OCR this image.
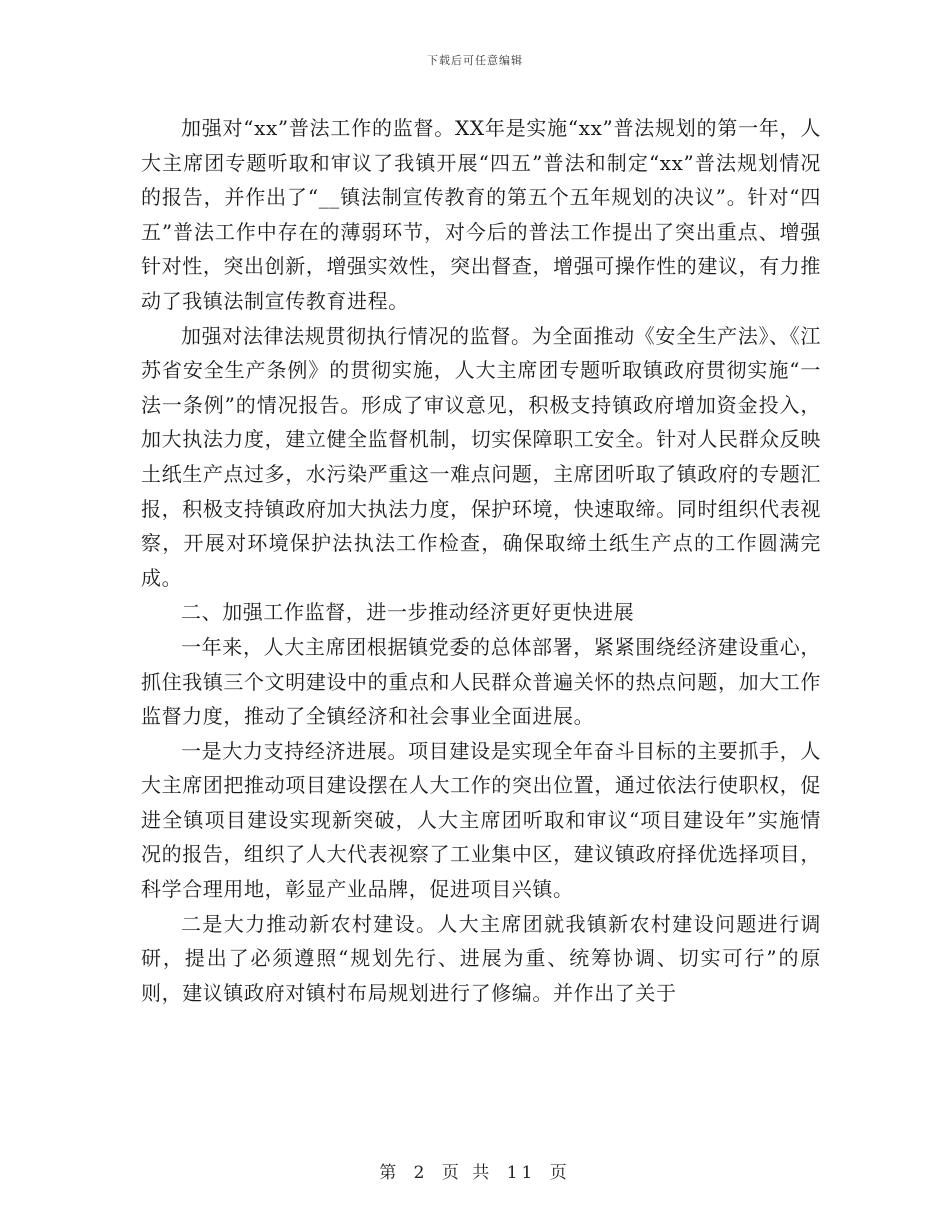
下载后可任意编辑

加强对“xx”普法工作的监督。XX年是实施“xx”普法规划的第一年，人大主席团专题听取和审议了我镇开展“四五”普法和制定“xx”普法规划情况的报告，并作出了“__镇法制宣传教育的第五个五年规划的决议”。针对“四五”普法工作中存在的薄弱环节，对今后的普法工作提出了突出重点、增强针对性，突出创新，增强实效性，突出督查，增强可操作性的建议，有力推动了我镇法制宣传教育进程。

加强对法律法规贯彻执行情况的监督。为全面推动《安全生产法》、《江苏省安全生产条例》的贯彻实施，人大主席团专题听取镇政府贯彻实施“一法一条例”的情况报告。形成了审议意见，积极支持镇政府增加资金投入，加大执法力度，建立健全监督机制，切实保障职工安全。针对人民群众反映土纸生产点过多，水污染严重这一难点问题，主席团听取了镇政府的专题汇报，积极支持镇政府加大执法力度，保护环境，快速取缔。同时组织代表视察，开展对环境保护法执法工作检查，确保取缔土纸生产点的工作圆满完成。

二、加强工作监督，进一步推动经济更好更快进展

一年来，人大主席团根据镇党委的总体部署，紧紧围绕经济建设重心，抓住我镇三个文明建设中的重点和人民群众普遍关怀的热点问题，加大工作监督力度，推动了全镇经济和社会事业全面进展。

一是大力支持经济进展。项目建设是实现全年奋斗目标的主要抓手，人大主席团把推动项目建设摆在人大工作的突出位置，通过依法行使职权，促进全镇项目建设实现新突破，人大主席团听取和审议“项目建设年”实施情况的报告，组织了人大代表视察了工业集中区，建议镇政府择优选择项目，科学合理用地，彰显产业品牌，促进项目兴镇。

二是大力推动新农村建设。人大主席团就我镇新农村建设问题进行调研，提出了必须遵照“规划先行、进展为重、统筹协调、切实可行”的原则，建议镇政府对镇村布局规划进行了修编。并作出了关于

第 2 页 共 11 页
